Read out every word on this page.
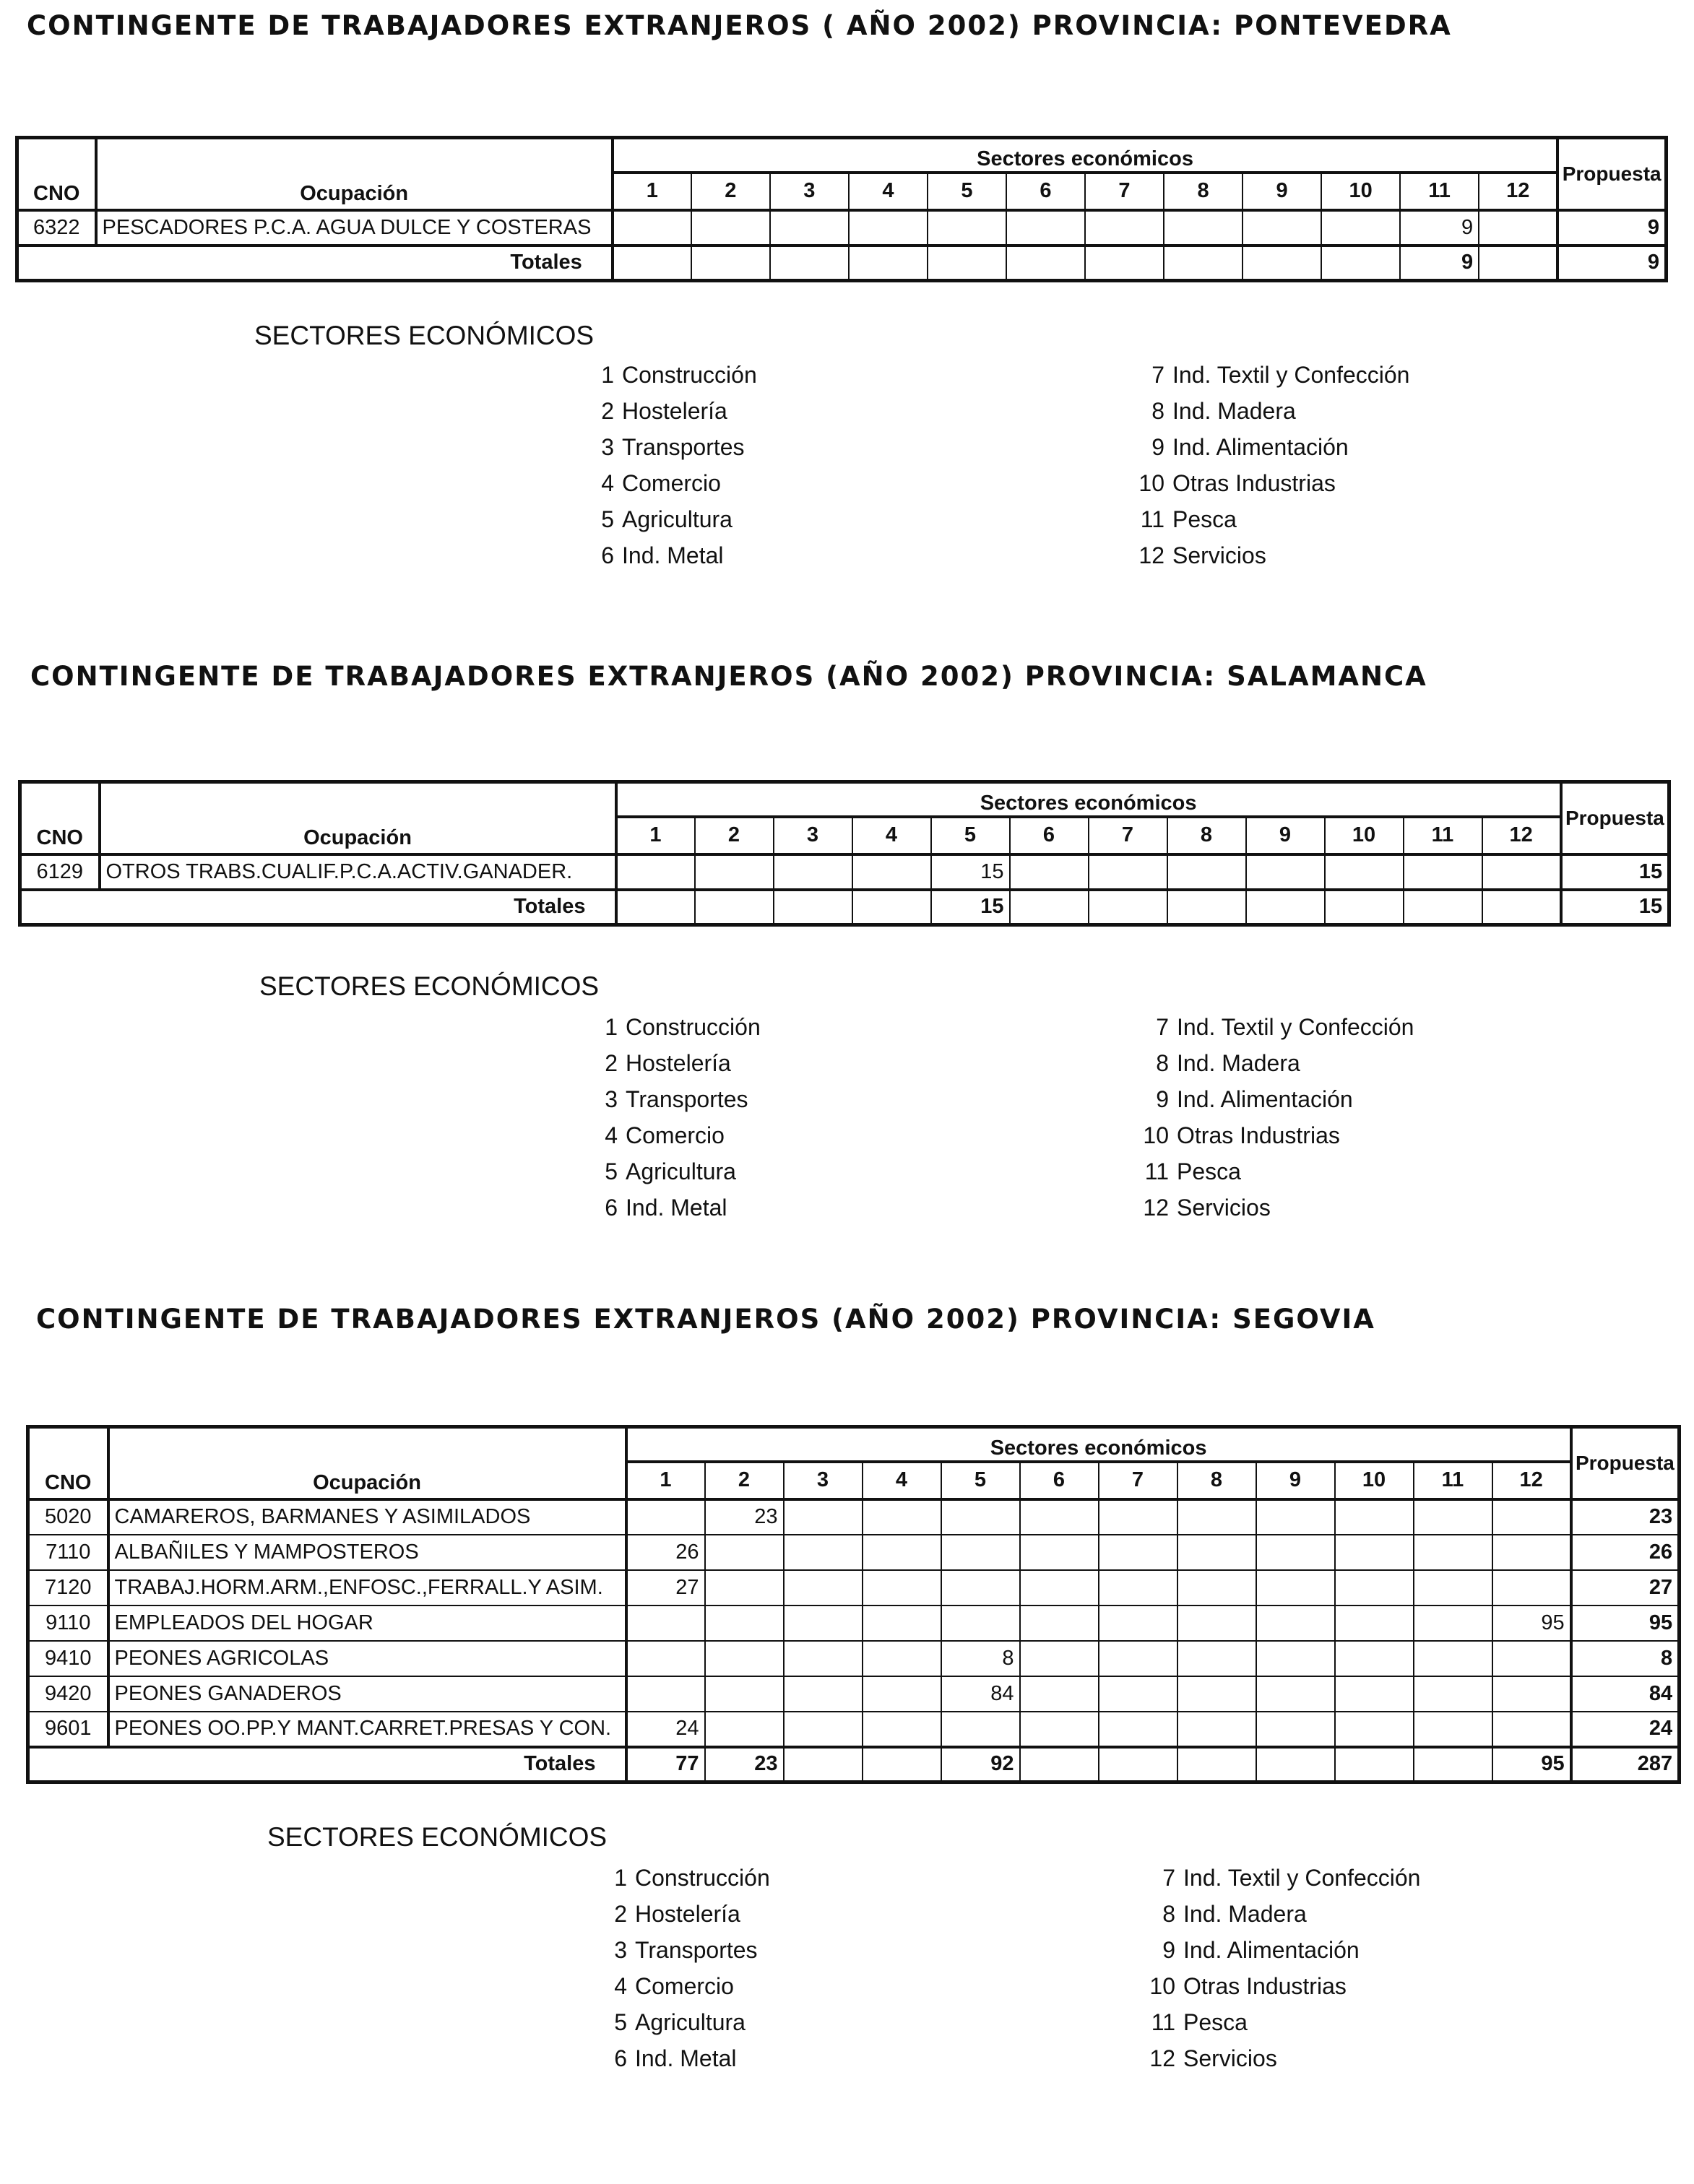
CONTINGENTE DE TRABAJADORES EXTRANJEROS ( AÑO 2002) PROVINCIA: PONTEVEDRA
CNO	Ocupación	Sectores económicos												Propuesta
		1	2	3	4	5	6	7	8	9	10	11	12	
6322	PESCADORES P.C.A. AGUA DULCE Y COSTERAS											9		9
Totales												9		9
SECTORES ECONÓMICOS
1 Construcción
2 Hostelería
3 Transportes
4 Comercio
5 Agricultura
6 Ind. Metal
7 Ind. Textil y Confección
8 Ind. Madera
9 Ind. Alimentación
10 Otras Industrias
11 Pesca
12 Servicios
CONTINGENTE DE TRABAJADORES EXTRANJEROS (AÑO 2002) PROVINCIA: SALAMANCA
CNO	Ocupación	Sectores económicos												Propuesta
		1	2	3	4	5	6	7	8	9	10	11	12	
6129	OTROS TRABS.CUALIF.P.C.A.ACTIV.GANADER.					15								15
Totales						15								15
SECTORES ECONÓMICOS
1 Construcción
2 Hostelería
3 Transportes
4 Comercio
5 Agricultura
6 Ind. Metal
7 Ind. Textil y Confección
8 Ind. Madera
9 Ind. Alimentación
10 Otras Industrias
11 Pesca
12 Servicios
CONTINGENTE DE TRABAJADORES EXTRANJEROS (AÑO 2002) PROVINCIA: SEGOVIA
CNO	Ocupación	Sectores económicos												Propuesta
		1	2	3	4	5	6	7	8	9	10	11	12	
5020	CAMAREROS, BARMANES Y ASIMILADOS		23											23
7110	ALBAÑILES Y MAMPOSTEROS	26												26
7120	TRABAJ.HORM.ARM.,ENFOSC.,FERRALL.Y ASIM.	27												27
9110	EMPLEADOS DEL HOGAR												95	95
9410	PEONES AGRICOLAS					8								8
9420	PEONES GANADEROS					84								84
9601	PEONES OO.PP.Y MANT.CARRET.PRESAS Y CON.	24												24
Totales		77	23			92							95	287
SECTORES ECONÓMICOS
1 Construcción
2 Hostelería
3 Transportes
4 Comercio
5 Agricultura
6 Ind. Metal
7 Ind. Textil y Confección
8 Ind. Madera
9 Ind. Alimentación
10 Otras Industrias
11 Pesca
12 Servicios
